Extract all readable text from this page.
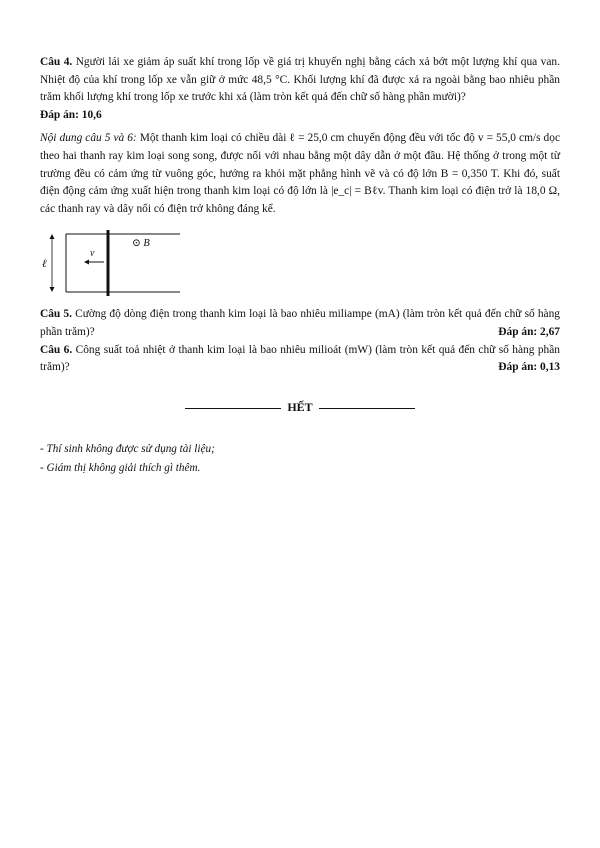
Câu 4. Người lái xe giảm áp suất khí trong lốp về giá trị khuyến nghị bằng cách xả bớt một lượng khí qua van. Nhiệt độ của khí trong lốp xe vẫn giữ ở mức 48,5 °C. Khối lượng khí đã được xả ra ngoài bằng bao nhiêu phần trăm khối lượng khí trong lốp xe trước khi xả (làm tròn kết quả đến chữ số hàng phần mười)?

Đáp án: 10,6

Nội dung câu 5 và 6: Một thanh kim loại có chiều dài ℓ = 25,0 cm chuyển động đều với tốc độ v = 55,0 cm/s dọc theo hai thanh ray kim loại song song, được nối với nhau bằng một dây dẫn ở một đầu. Hệ thống ở trong một từ trường đều có cảm ứng từ vuông góc, hướng ra khỏi mặt phẳng hình vẽ và có độ lớn B = 0,350 T. Khi đó, suất điện động cảm ứng xuất hiện trong thanh kim loại có độ lớn là |e_c| = Bℓv. Thanh kim loại có điện trở là 18,0 Ω, các thanh ray và dây nối có điện trở không đáng kể.

ℓ
v⃗
⊙ B⃗

Câu 5. Cường độ dòng điện trong thanh kim loại là bao nhiêu miliampe (mA) (làm tròn kết quả đến chữ số hàng phần trăm)?	Đáp án: 2,67

Câu 6. Công suất toả nhiệt ở thanh kim loại là bao nhiêu milioát (mW) (làm tròn kết quả đến chữ số hàng phần trăm)?	Đáp án: 0,13
HẾT
- Thí sinh không được sử dụng tài liệu;
- Giám thị không giải thích gì thêm.
